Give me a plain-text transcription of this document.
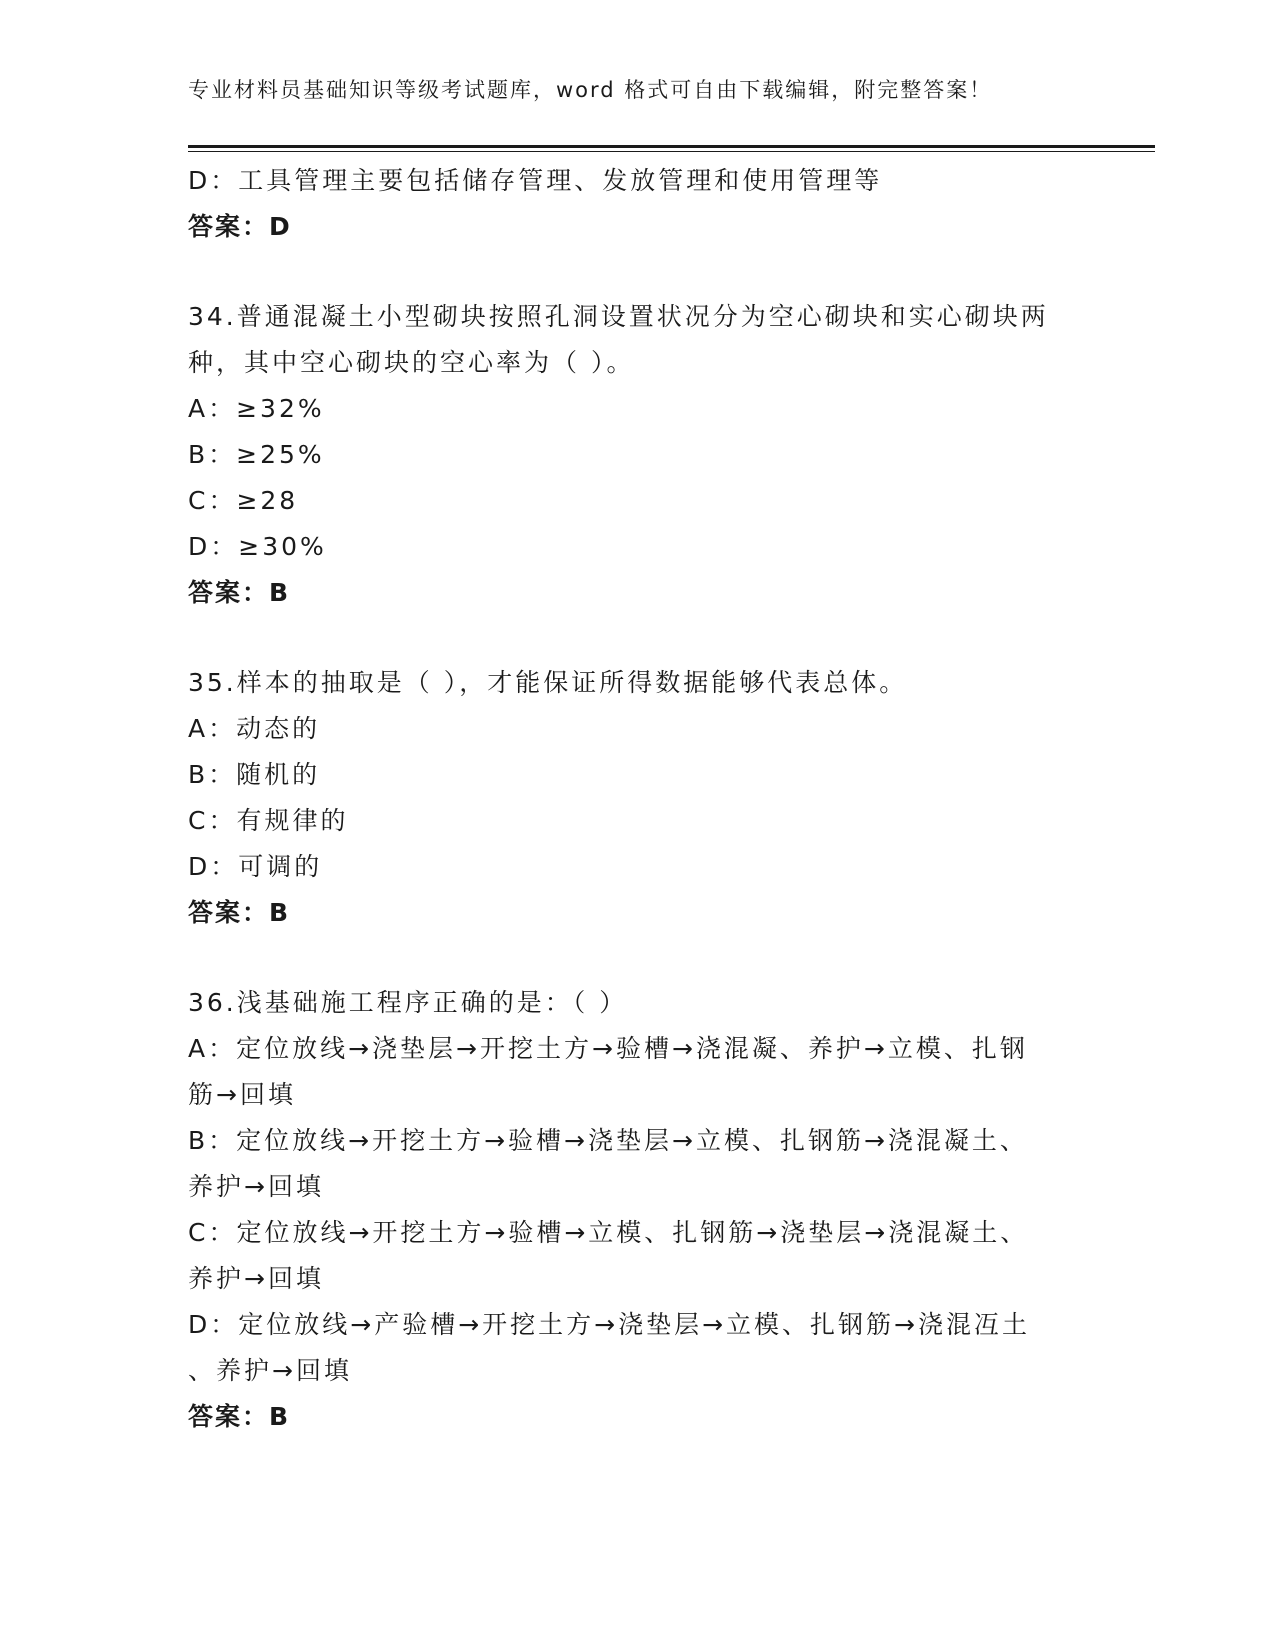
专业材料员基础知识等级考试题库，word 格式可自由下载编辑，附完整答案！
D：工具管理主要包括储存管理、发放管理和使用管理等
答案：D
34.普通混凝土小型砌块按照孔洞设置状况分为空心砌块和实心砌块两
种，其中空心砌块的空心率为（ ）。
A：≥32%
B：≥25%
C：≥28
D：≥30%
答案：B
35.样本的抽取是（ ），才能保证所得数据能够代表总体。
A：动态的
B：随机的
C：有规律的
D：可调的
答案：B
36.浅基础施工程序正确的是：（ ）
A：定位放线→浇垫层→开挖土方→验槽→浇混凝、养护→立模、扎钢
筋→回填
B：定位放线→开挖土方→验槽→浇垫层→立模、扎钢筋→浇混凝土、
养护→回填
C：定位放线→开挖土方→验槽→立模、扎钢筋→浇垫层→浇混凝土、
养护→回填
D：定位放线→产验槽→开挖土方→浇垫层→立模、扎钢筋→浇混冱土
、养护→回填
答案：B
